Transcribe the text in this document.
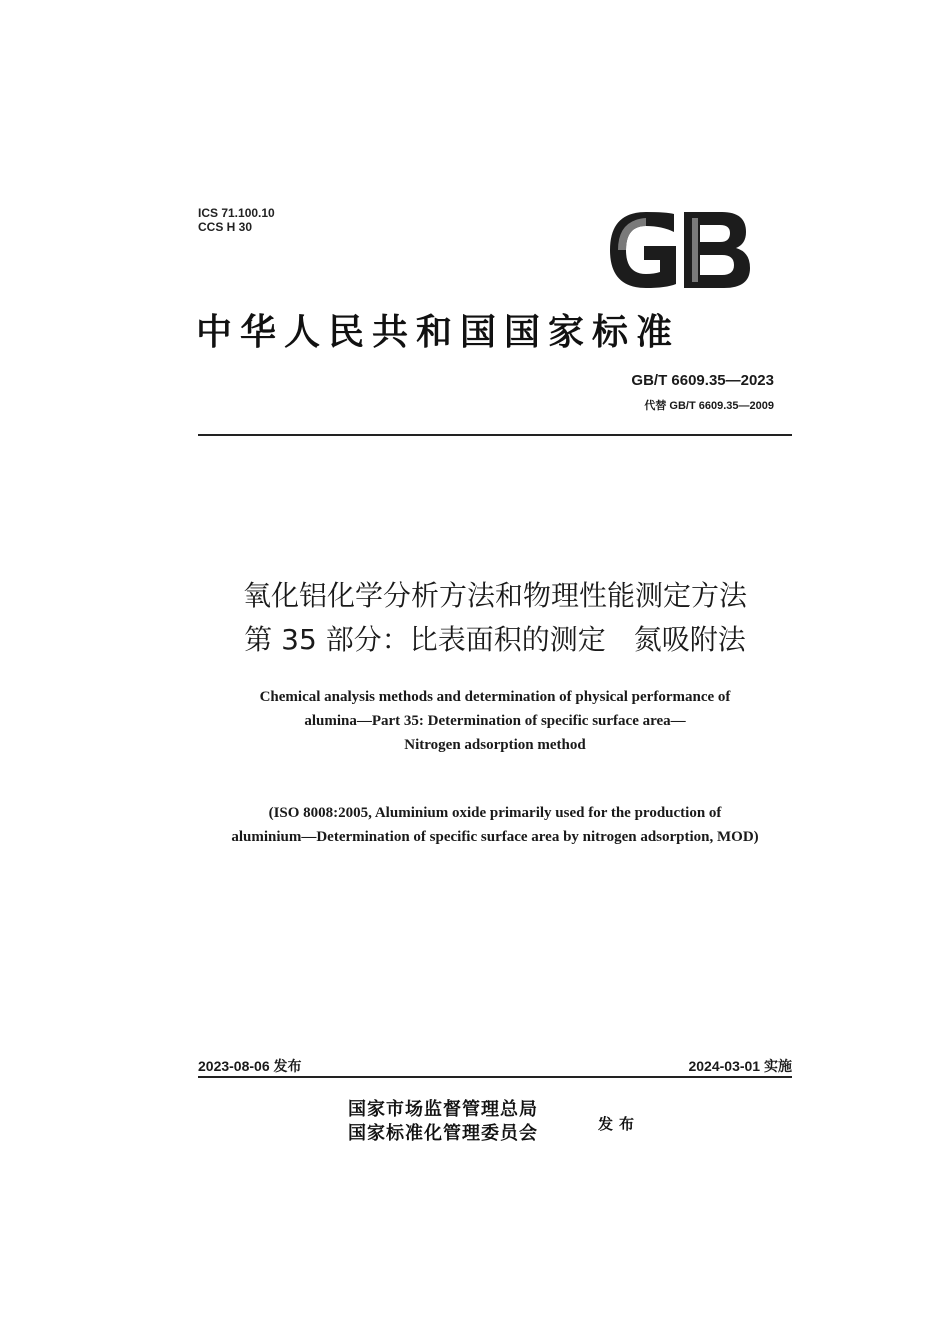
ICS 71.100.10
CCS H 30
中华人民共和国国家标准
GB/T 6609.35—2023
代替 GB/T 6609.35—2009
氧化铝化学分析方法和物理性能测定方法
第 35 部分：比表面积的测定　氮吸附法
Chemical analysis methods and determination of physical performance of
alumina—Part 35: Determination of specific surface area—
Nitrogen adsorption method
(ISO 8008:2005, Aluminium oxide primarily used for the production of
aluminium—Determination of specific surface area by nitrogen adsorption, MOD)
2023-08-06 发布	2024-03-01 实施
国家市场监督管理总局
国家标准化管理委员会	发布
